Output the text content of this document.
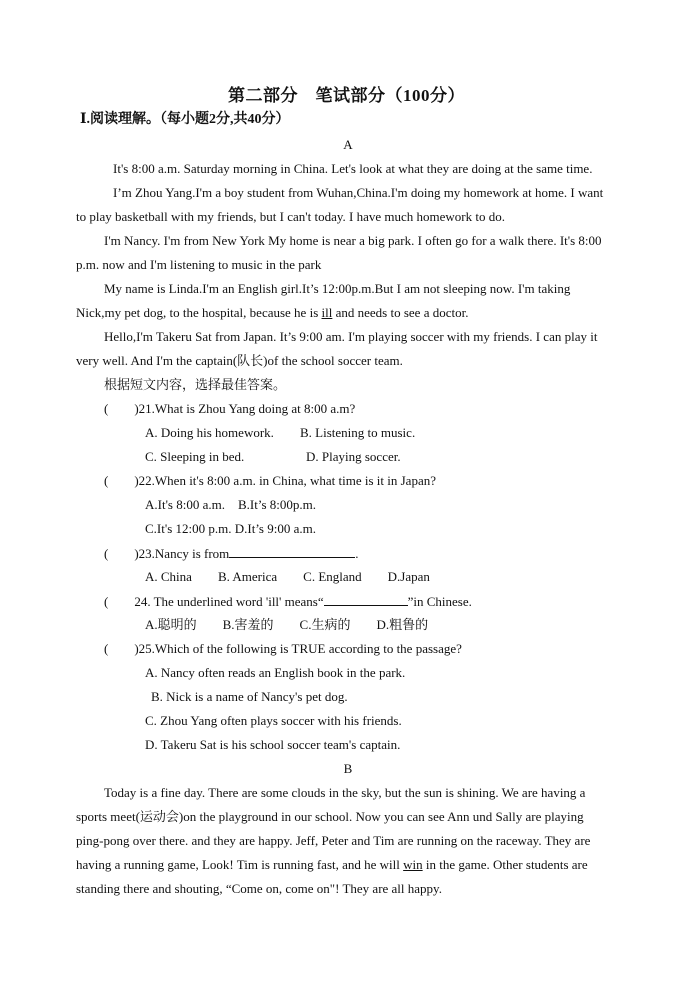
第二部分　笔试部分（100分）
Ⅰ.阅读理解。（每小题2分,共40分）
A
It's 8:00 a.m. Saturday morning in China. Let's look at what they are doing at the same time.
I’m Zhou Yang.I'm a boy student from Wuhan,China.I'm doing my homework at home. I want
to play basketball with my friends, but I can't today. I have much homework to do.
I'm Nancy. I'm from New York My home is near a big park. I often go for a walk there. It's 8:00
p.m. now and I'm listening to music in the park
My name is Linda.I'm an English girl.It’s 12:00p.m.But I am not sleeping now. I'm taking
Nick,my pet dog, to the hospital, because he is ill and needs to see a doctor.
Hello,I'm Takeru Sat from Japan. It’s 9:00 am. I'm playing soccer with my friends. I can play it
very well. And I'm the captain(队长)of the school soccer team.
根据短文内容，选择最佳答案。
(　　)21.What is Zhou Yang doing at 8:00 a.m?
A. Doing his homework. B. Listening to music.
C. Sleeping in bed.	D. Playing soccer.
(　　)22.When it's 8:00 a.m. in China, what time is it in Japan?
A.It's 8:00 a.m.　B.It’s 8:00p.m.
C.It's 12:00 p.m. D.It’s 9:00 a.m.
(　　)23.Nancy is from	.
A. China　　B. America　　C. England　　D.Japan
(　　24. The underlined word 'ill' means“	”in Chinese.
A.聪明的　　B.害羞的　　C.生病的　　D.粗鲁的
(　　)25.Which of the following is TRUE according to the passage?
A. Nancy often reads an English book in the park.
B. Nick is a name of Nancy's pet dog.
C. Zhou Yang often plays soccer with his friends.
D. Takeru Sat is his school soccer team's captain.
B
Today is a fine day. There are some clouds in the sky, but the sun is shining. We are having a
sports meet(运动会)on the playground in our school. Now you can see Ann und Sally are playing
ping-pong over there. and they are happy. Jeff, Peter and Tim are running on the raceway. They are
having a running game, Look! Tim is running fast, and he will win in the game. Other students are
standing there and shouting, “Come on, come on"! They are all happy.
